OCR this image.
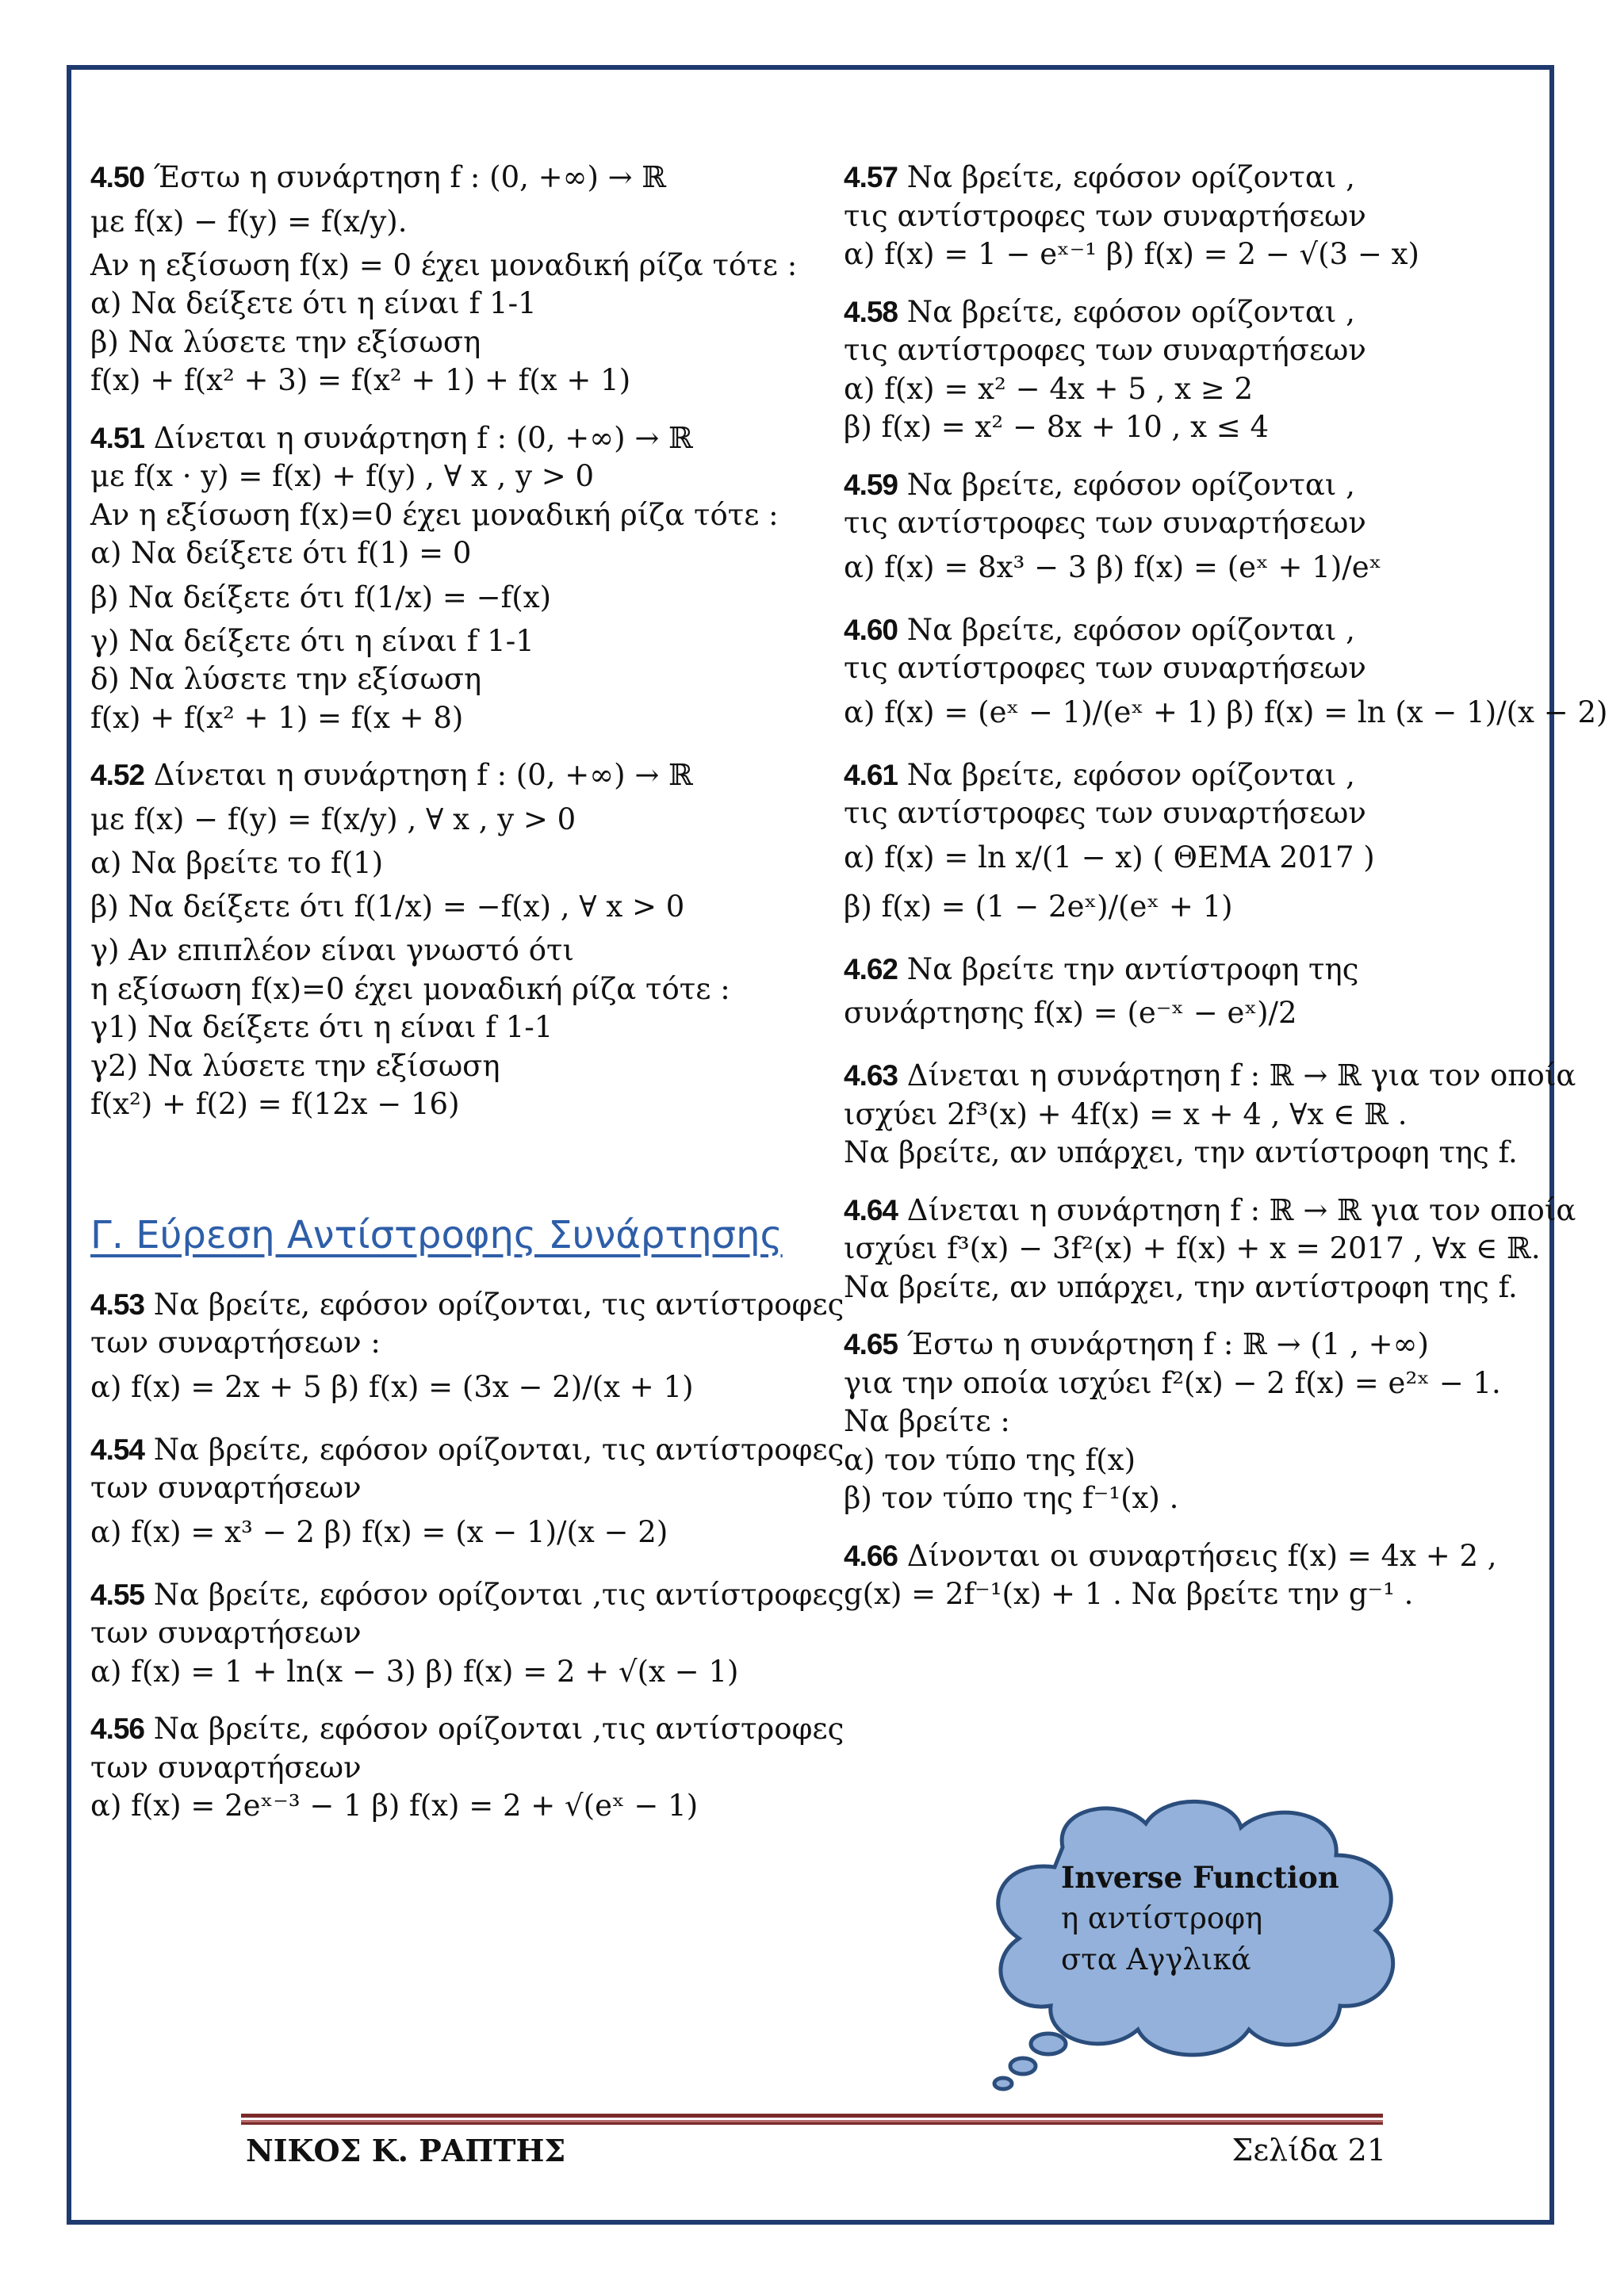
4.50 Έστω η συνάρτηση f : (0, +∞) → ℝ
με f(x) − f(y) = f(x/y).
Αν η εξίσωση f(x) = 0 έχει μοναδική ρίζα τότε :
α) Να δείξετε ότι η είναι f 1-1
β) Να λύσετε την εξίσωση
f(x) + f(x² + 3) = f(x² + 1) + f(x + 1)
4.51 Δίνεται η συνάρτηση f : (0, +∞) → ℝ
με f(x · y) = f(x) + f(y) , ∀ x , y > 0
Αν η εξίσωση f(x)=0 έχει μοναδική ρίζα τότε :
α) Να δείξετε ότι f(1) = 0
β) Να δείξετε ότι f(1/x) = −f(x)
γ) Να δείξετε ότι η είναι f 1-1
δ) Να λύσετε την εξίσωση
f(x) + f(x² + 1) = f(x + 8)
4.52 Δίνεται η συνάρτηση f : (0, +∞) → ℝ
με f(x) − f(y) = f(x/y) , ∀ x , y > 0
α) Να βρείτε το f(1)
β) Να δείξετε ότι f(1/x) = −f(x) , ∀ x > 0
γ) Αν επιπλέον είναι γνωστό ότι
η εξίσωση f(x)=0 έχει μοναδική ρίζα τότε :
γ1) Να δείξετε ότι η είναι f 1-1
γ2) Να λύσετε την εξίσωση
f(x²) + f(2) = f(12x − 16)
Γ. Εύρεση Αντίστροφης Συνάρτησης
4.53 Να βρείτε, εφόσον ορίζονται, τις αντίστροφες
των συναρτήσεων :
α) f(x) = 2x + 5 β) f(x) = (3x − 2)/(x + 1)
4.54 Να βρείτε, εφόσον ορίζονται, τις αντίστροφες
των συναρτήσεων
α) f(x) = x³ − 2 β) f(x) = (x − 1)/(x − 2)
4.55 Να βρείτε, εφόσον ορίζονται ,τις αντίστροφες
των συναρτήσεων
α) f(x) = 1 + ln(x − 3) β) f(x) = 2 + √(x − 1)
4.56 Να βρείτε, εφόσον ορίζονται ,τις αντίστροφες
των συναρτήσεων
α) f(x) = 2eˣ⁻³ − 1 β) f(x) = 2 + √(eˣ − 1)
4.57 Να βρείτε, εφόσον ορίζονται ,
τις αντίστροφες των συναρτήσεων
α) f(x) = 1 − eˣ⁻¹ β) f(x) = 2 − √(3 − x)
4.58 Να βρείτε, εφόσον ορίζονται ,
τις αντίστροφες των συναρτήσεων
α) f(x) = x² − 4x + 5 , x ≥ 2
β) f(x) = x² − 8x + 10 , x ≤ 4
4.59 Να βρείτε, εφόσον ορίζονται ,
τις αντίστροφες των συναρτήσεων
α) f(x) = 8x³ − 3 β) f(x) = (eˣ + 1)/eˣ
4.60 Να βρείτε, εφόσον ορίζονται ,
τις αντίστροφες των συναρτήσεων
α) f(x) = (eˣ − 1)/(eˣ + 1) β) f(x) = ln (x − 1)/(x − 2)
4.61 Να βρείτε, εφόσον ορίζονται ,
τις αντίστροφες των συναρτήσεων
α) f(x) = ln x/(1 − x) ( ΘΕΜΑ 2017 )
β) f(x) = (1 − 2eˣ)/(eˣ + 1)
4.62 Να βρείτε την αντίστροφη της
συνάρτησης f(x) = (e⁻ˣ − eˣ)/2
4.63 Δίνεται η συνάρτηση f : ℝ → ℝ για τον οποία
ισχύει 2f³(x) + 4f(x) = x + 4 , ∀x ∈ ℝ .
Να βρείτε, αν υπάρχει, την αντίστροφη της f.
4.64 Δίνεται η συνάρτηση f : ℝ → ℝ για τον οποία
ισχύει f³(x) − 3f²(x) + f(x) + x = 2017 , ∀x ∈ ℝ.
Να βρείτε, αν υπάρχει, την αντίστροφη της f.
4.65 Έστω η συνάρτηση f : ℝ → (1 , +∞)
για την οποία ισχύει f²(x) − 2 f(x) = e²ˣ − 1.
Να βρείτε :
α) τον τύπο της f(x)
β) τον τύπο της f⁻¹(x) .
4.66 Δίνονται οι συναρτήσεις f(x) = 4x + 2 ,
g(x) = 2f⁻¹(x) + 1 . Να βρείτε την g⁻¹ .
Inverse Function
η αντίστροφη
στα Αγγλικά
ΝΙΚΟΣ Κ. ΡΑΠΤΗΣ	Σελίδα 21
